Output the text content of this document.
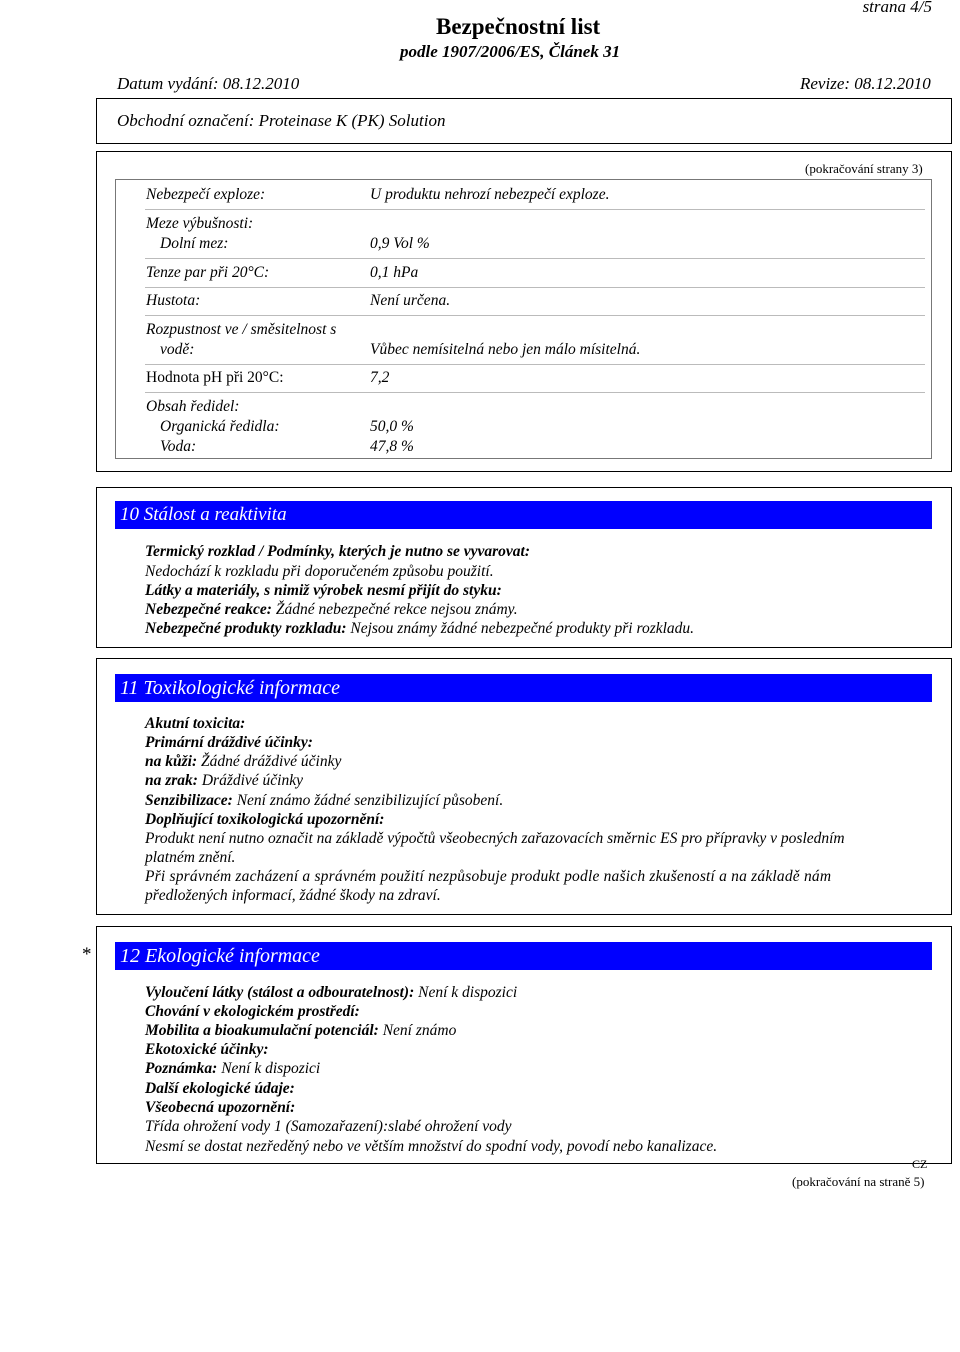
strana 4/5
Bezpečnostní list
podle 1907/2006/ES, Článek 31
Datum vydání: 08.12.2010	Revize: 08.12.2010
Obchodní označení: Proteinase K (PK) Solution
(pokračování strany 3)
Nebezpečí exploze:	U produktu nehrozí nebezpečí exploze.
Meze výbušnosti:
Dolní mez:	0,9 Vol %
Tenze par při 20°C:	0,1 hPa
Hustota:	Není určena.
Rozpustnost ve / směsitelnost s
vodě:	Vůbec nemísitelná nebo jen málo mísitelná.
Hodnota pH při 20°C:	7,2
Obsah ředidel:
Organická ředidla:	50,0 %
Voda:	47,8 %
10 Stálost a reaktivita
Termický rozklad / Podmínky, kterých je nutno se vyvarovat:
Nedochází k rozkladu při doporučeném způsobu použití.
Látky a materiály, s nimiž výrobek nesmí přijít do styku:
Nebezpečné reakce: Žádné nebezpečné rekce nejsou známy.
Nebezpečné produkty rozkladu: Nejsou známy žádné nebezpečné produkty při rozkladu.
11 Toxikologické informace
Akutní toxicita:
Primární dráždivé účinky:
na kůži: Žádné dráždivé účinky
na zrak: Dráždivé účinky
Senzibilizace: Není známo žádné senzibilizující působení.
Doplňující toxikologická upozornění:
Produkt není nutno označit na základě výpočtů všeobecných zařazovacích směrnic ES pro přípravky v posledním
platném znění.
Při správném zacházení a správném použití nezpůsobuje produkt podle našich zkušeností a na základě nám
předložených informací, žádné škody na zdraví.
* 12 Ekologické informace
Vyloučení látky (stálost a odbouratelnost): Není k dispozici
Chování v ekologickém prostředí:
Mobilita a bioakumulační potenciál: Není známo
Ekotoxické účinky:
Poznámka: Není k dispozici
Další ekologické údaje:
Všeobecná upozornění:
Třída ohrožení vody 1 (Samozařazení):slabé ohrožení vody
Nesmí se dostat nezředěný nebo ve větším množství do spodní vody, povodí nebo kanalizace.
CZ
(pokračování na straně 5)
